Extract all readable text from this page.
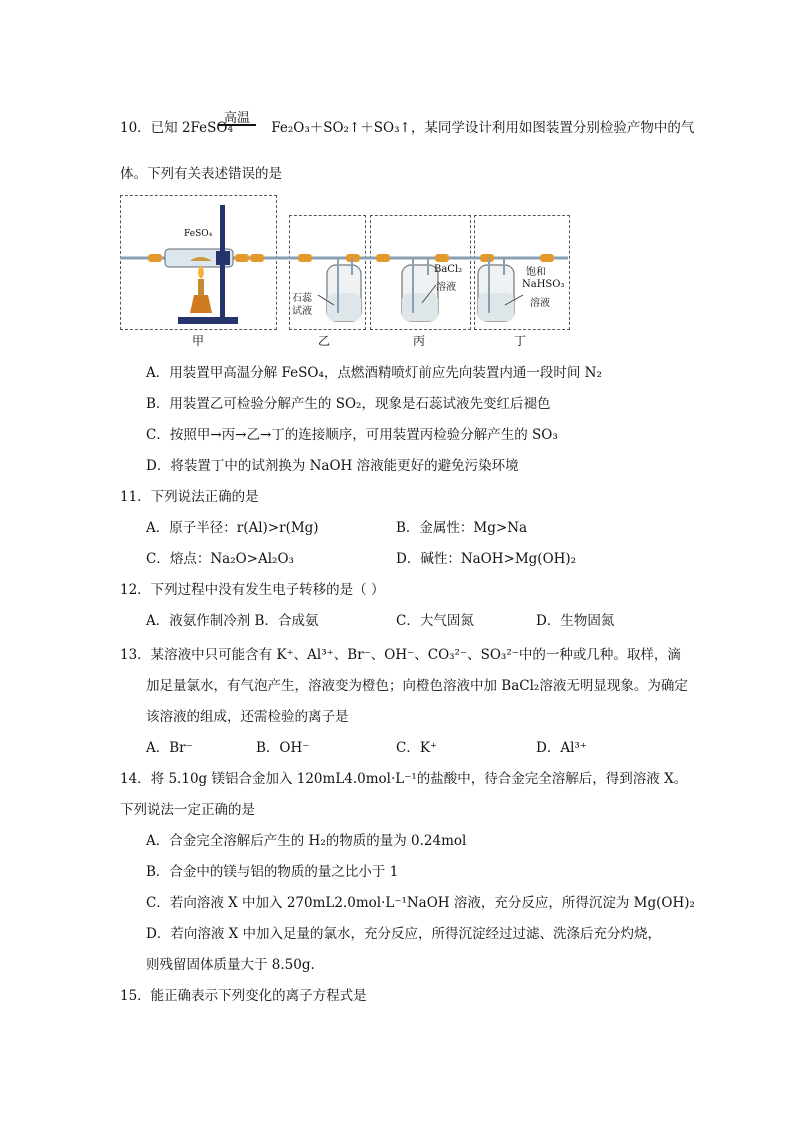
高温
10．已知 2FeSO4	Fe₂O₃＋SO₂↑＋SO₃↑，某同学设计利用如图装置分别检验产物中的气
体。下列有关表述错误的是
FeSO₄
石蕊
试液
BaCl₂
溶液
饱和
NaHSO₃
溶液
甲	乙	丙	丁
A．用装置甲高温分解 FeSO₄，点燃酒精喷灯前应先向装置内通一段时间 N₂
B．用装置乙可检验分解产生的 SO₂，现象是石蕊试液先变红后褪色
C．按照甲→丙→乙→丁的连接顺序，可用装置丙检验分解产生的 SO₃
D．将装置丁中的试剂换为 NaOH 溶液能更好的避免污染环境
11．下列说法正确的是
A．原子半径：r(Al)>r(Mg)	B．金属性：Mg>Na
C．熔点：Na₂O>Al₂O₃	D．碱性：NaOH>Mg(OH)₂
12．下列过程中没有发生电子转移的是（ ）
A．液氨作制冷剂 B．合成氨	C．大气固氮	D．生物固氮
13．某溶液中只可能含有 K⁺、Al³⁺、Br⁻、OH⁻、CO₃²⁻、SO₃²⁻中的一种或几种。取样，滴
加足量氯水，有气泡产生，溶液变为橙色；向橙色溶液中加 BaCl₂溶液无明显现象。为确定
该溶液的组成，还需检验的离子是
A．Br⁻	B．OH⁻	C．K⁺	D．Al³⁺
14．将 5.10g 镁铝合金加入 120mL4.0mol·L⁻¹的盐酸中，待合金完全溶解后，得到溶液 X。
下列说法一定正确的是
A．合金完全溶解后产生的 H₂的物质的量为 0.24mol
B．合金中的镁与铝的物质的量之比小于 1
C．若向溶液 X 中加入 270mL2.0mol·L⁻¹NaOH 溶液，充分反应，所得沉淀为 Mg(OH)₂
D．若向溶液 X 中加入足量的氯水，充分反应，所得沉淀经过过滤、洗涤后充分灼烧，
则残留固体质量大于 8.50g.
15．能正确表示下列变化的离子方程式是
